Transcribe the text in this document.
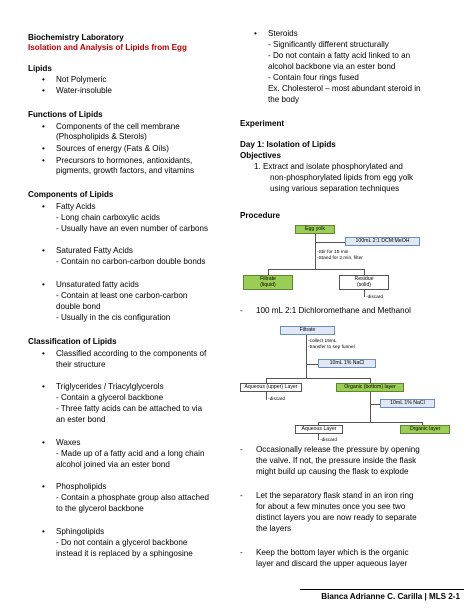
Biochemistry Laboratory
Isolation and Analysis of Lipids from Egg
Lipids
• Not Polymeric
• Water-insoluble
Functions of Lipids
• Components of the cell membrane
(Phospholipids & Sterols)
• Sources of energy (Fats & Oils)
• Precursors to hormones, antioxidants,
pigments, growth factors, and vitamins
Components of Lipids
• Fatty Acids
- Long chain carboxylic acids
- Usually have an even number of carbons
• Saturated Fatty Acids
- Contain no carbon-carbon double bonds
• Unsaturated fatty acids
- Contain at least one carbon-carbon
double bond
- Usually in the cis configuration
Classification of Lipids
• Classified according to the components of
their structure
• Triglycerides / Triacylglycerols
- Contain a glycerol backbone
- Three fatty acids can be attached to via
an ester bond
• Waxes
- Made up of a fatty acid and a long chain
alcohol joined via an ester bond
• Phospholipids
- Contain a phosphate group also attached
to the glycerol backbone
• Sphingolipids
- Do not contain a glycerol backbone
instead it is replaced by a sphingosine
• Steroids
- Significantly different structurally
- Do not contain a fatty acid linked to an
alcohol backbone via an ester bond
- Contain four rings fused
Ex. Cholesterol – most abundant steroid in
the body
Experiment
Day 1: Isolation of Lipids
Objectives
1. Extract and isolate phosphorylated and
non-phosphorylated lipids from egg yolk
using various separation techniques
Procedure
Egg yolk
100mL 2:1 DCM:MeOH
-Stir for 15 min
-Stand for 2 min, filter
Filtrate
(liquid)
Residue
(solid)
-discard
- 100 mL 2:1 Dichloromethane and Methanol
Filtrate
-collect 15mL
-transfer to sep funnel
10mL 1% NaCl
Aqueous (upper) Layer	Organic (bottom) layer
-discard
10mL 1% NaCl
Aqueous Layer	Organic layer
-discard
- Occasionally release the pressure by opening
the valve. If not, the pressure inside the flask
might build up causing the flask to explode
- Let the separatory flask stand in an iron ring
for about a few minutes once you see two
distinct layers you are now ready to separate
the layers
- Keep the bottom layer which is the organic
layer and discard the upper aqueous layer
Bianca Adrianne C. Carilla | MLS 2-1
